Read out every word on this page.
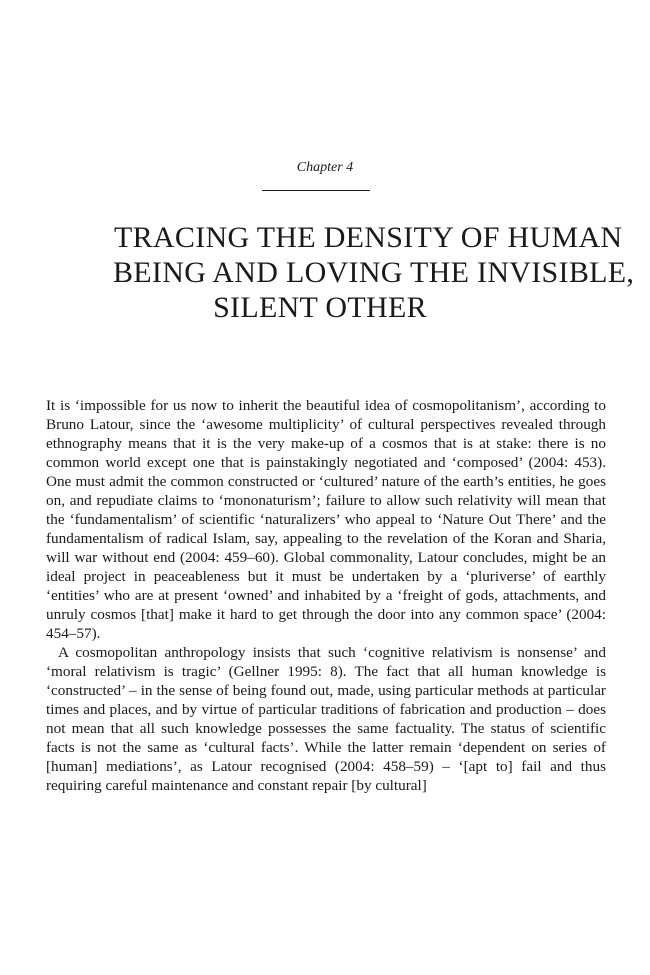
Chapter 4
TRACING THE DENSITY OF HUMAN
BEING AND LOVING THE INVISIBLE,
SILENT OTHER

It is ‘impossible for us now to inherit the beautiful idea of cosmopolitanism’, according to Bruno Latour, since the ‘awesome multiplicity’ of cultural perspectives revealed through ethnography means that it is the very make-up of a cosmos that is at stake: there is no common world except one that is painstakingly negotiated and ‘composed’ (2004: 453). One must admit the common constructed or ‘cultured’ nature of the earth’s entities, he goes on, and repudiate claims to ‘mononaturism’; failure to allow such relativity will mean that the ‘fundamentalism’ of scientific ‘naturalizers’ who appeal to ‘Nature Out There’ and the fundamentalism of radical Islam, say, appealing to the revelation of the Koran and Sharia, will war without end (2004: 459–60). Global commonality, Latour concludes, might be an ideal project in peaceableness but it must be undertaken by a ‘pluriverse’ of earthly ‘entities’ who are at present ‘owned’ and inhabited by a ‘freight of gods, attachments, and unruly cosmos [that] make it hard to get through the door into any common space’ (2004: 454–57).

A cosmopolitan anthropology insists that such ‘cognitive relativism is nonsense’ and ‘moral relativism is tragic’ (Gellner 1995: 8). The fact that all human knowledge is ‘constructed’ – in the sense of being found out, made, using particular methods at particular times and places, and by virtue of particular traditions of fabrication and production – does not mean that all such knowledge possesses the same factuality. The status of scientific facts is not the same as ‘cultural facts’. While the latter remain ‘dependent on series of [human] mediations’, as Latour recognised (2004: 458–59) – ‘[apt to] fail and thus requiring careful maintenance and constant repair [by cultural]
